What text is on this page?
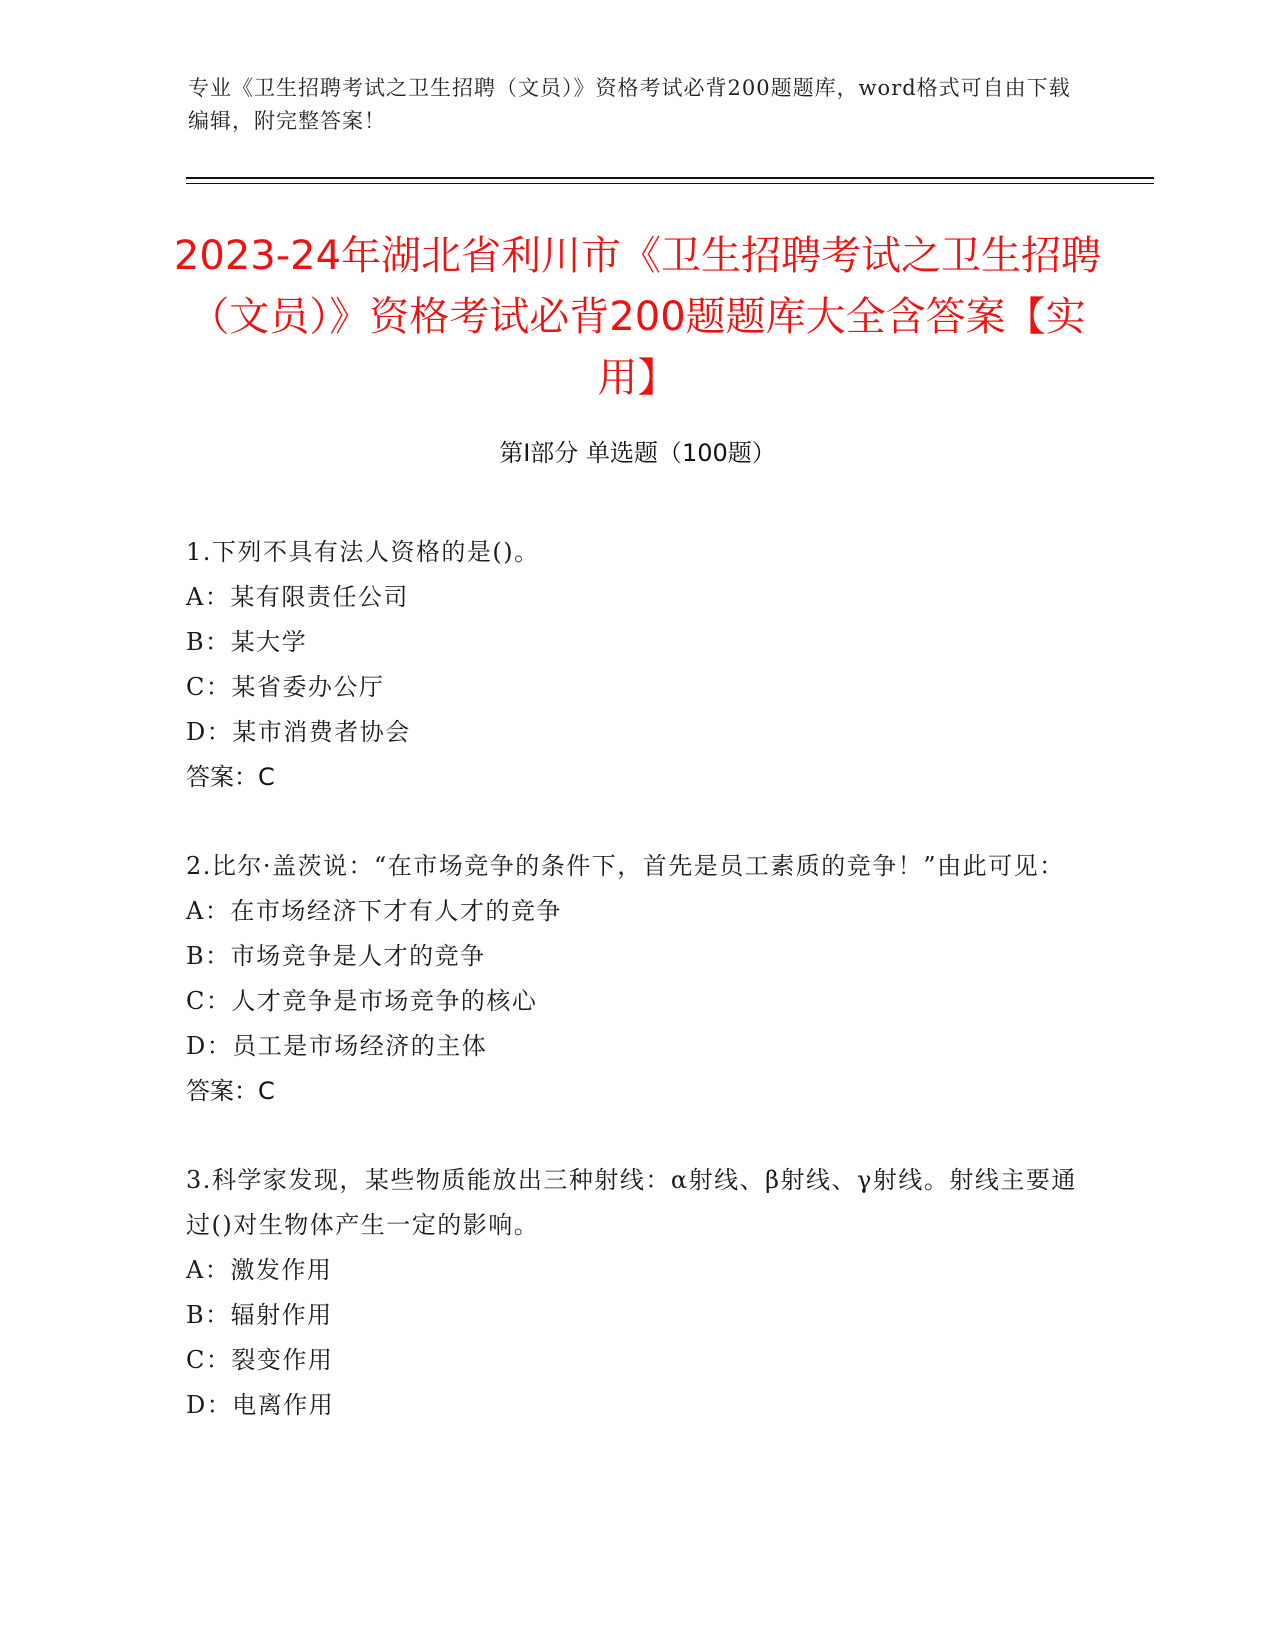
专业《卫生招聘考试之卫生招聘（文员）》资格考试必背200题题库，word格式可自由下载编辑，附完整答案！
2023-24年湖北省利川市《卫生招聘考试之卫生招聘（文员）》资格考试必背200题题库大全含答案【实用】
第Ⅰ部分 单选题（100题）
1.下列不具有法人资格的是()。
A：某有限责任公司
B：某大学
C：某省委办公厅
D：某市消费者协会
答案：C
2.比尔·盖茨说：“在市场竞争的条件下，首先是员工素质的竞争！”由此可见：
A：在市场经济下才有人才的竞争
B：市场竞争是人才的竞争
C：人才竞争是市场竞争的核心
D：员工是市场经济的主体
答案：C
3.科学家发现，某些物质能放出三种射线：α射线、β射线、γ射线。射线主要通过()对生物体产生一定的影响。
A：激发作用
B：辐射作用
C：裂变作用
D：电离作用
